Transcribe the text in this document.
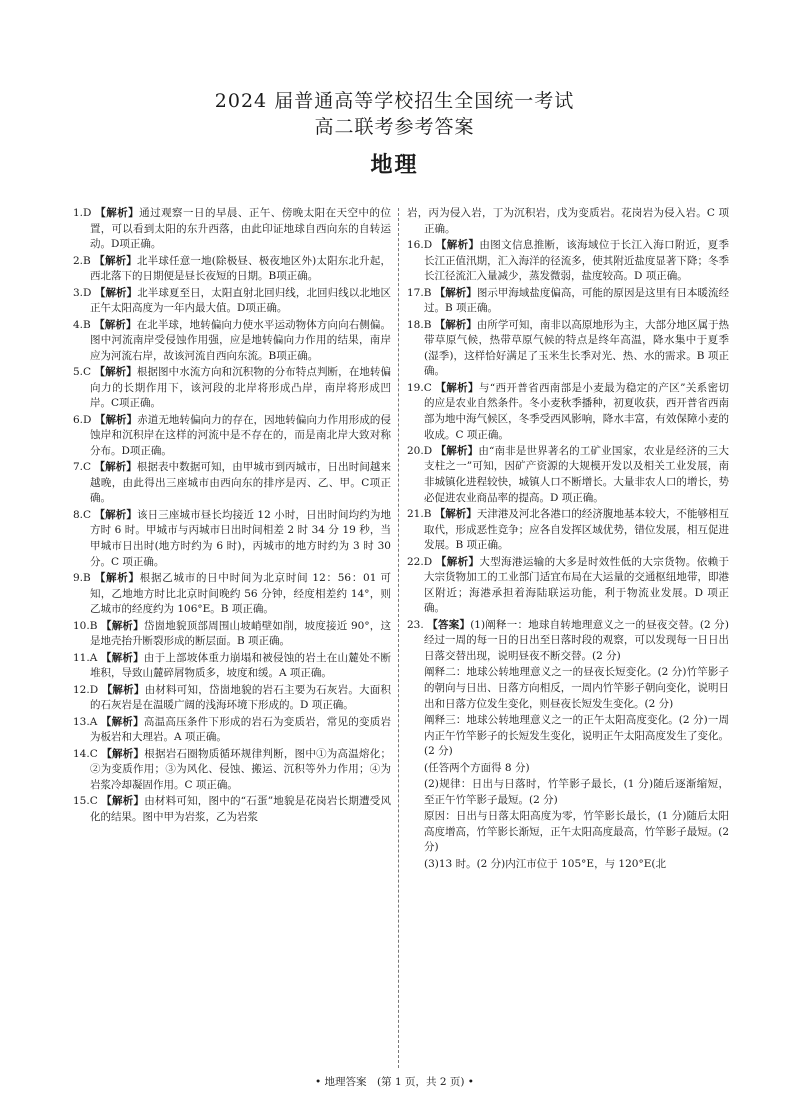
2024 届普通高等学校招生全国统一考试
高二联考参考答案
地理
1.D 【解析】通过观察一日的早晨、正午、傍晚太阳在天空中的位置，可以看到太阳的东升西落，由此印证地球自西向东的自转运动。D项正确。
2.B 【解析】北半球任意一地(除极昼、极夜地区外)太阳东北升起，西北落下的日期便是昼长夜短的日期。B项正确。
3.D 【解析】北半球夏至日，太阳直射北回归线，北回归线以北地区正午太阳高度为一年内最大值。D项正确。
4.B 【解析】在北半球，地转偏向力使水平运动物体方向向右侧偏。图中河流南岸受侵蚀作用强，应是地转偏向力作用的结果，南岸应为河流右岸，故该河流自西向东流。B项正确。
5.C 【解析】根据图中水流方向和沉积物的分布特点判断，在地转偏向力的长期作用下，该河段的北岸将形成凸岸，南岸将形成凹岸。C项正确。
6.D 【解析】赤道无地转偏向力的存在，因地转偏向力作用形成的侵蚀岸和沉积岸在这样的河流中是不存在的，而是南北岸大致对称分布。D项正确。
7.C 【解析】根据表中数据可知，由甲城市到丙城市，日出时间越来越晚，由此得出三座城市由西向东的排序是丙、乙、甲。C项正确。
8.C 【解析】该日三座城市昼长均接近 12 小时，日出时间均约为地方时 6 时。甲城市与丙城市日出时间相差 2 时 34 分 19 秒，当甲城市日出时(地方时约为 6 时)，丙城市的地方时约为 3 时 30 分。C 项正确。
9.B 【解析】根据乙城市的日中时间为北京时间 12：56：01 可知，乙地地方时比北京时间晚约 56 分钟，经度相差约 14°，则乙城市的经度约为 106°E。B 项正确。
10.B 【解析】岱崮地貌顶部周围山坡峭壁如削，坡度接近 90°，这是地壳抬升断裂形成的断层面。B 项正确。
11.A 【解析】由于上部坡体重力崩塌和被侵蚀的岩土在山麓处不断堆积，导致山麓碎屑物质多，坡度和缓。A 项正确。
12.D 【解析】由材料可知，岱崮地貌的岩石主要为石灰岩。大面积的石灰岩是在温暖广阔的浅海环境下形成的。D 项正确。
13.A 【解析】高温高压条件下形成的岩石为变质岩，常见的变质岩为板岩和大理岩。A 项正确。
14.C 【解析】根据岩石圈物质循环规律判断，图中①为高温熔化；②为变质作用；③为风化、侵蚀、搬运、沉积等外力作用；④为岩浆冷却凝固作用。C 项正确。
15.C 【解析】由材料可知，图中的“石蛋”地貌是花岗岩长期遭受风化的结果。图中甲为岩浆，乙为岩浆
岩，丙为侵入岩，丁为沉积岩，戊为变质岩。花岗岩为侵入岩。C 项正确。
16.D 【解析】由图文信息推断，该海域位于长江入海口附近，夏季长江正值汛期，汇入海洋的径流多，使其附近盐度显著下降；冬季长江径流汇入量减少，蒸发微弱，盐度较高。D 项正确。
17.B 【解析】图示甲海域盐度偏高，可能的原因是这里有日本暖流经过。B 项正确。
18.B 【解析】由所学可知，南非以高原地形为主，大部分地区属于热带草原气候，热带草原气候的特点是终年高温，降水集中于夏季(湿季)，这样恰好满足了玉米生长季对光、热、水的需求。B 项正确。
19.C 【解析】与“西开普省西南部是小麦最为稳定的产区”关系密切的应是农业自然条件。冬小麦秋季播种，初夏收获，西开普省西南部为地中海气候区，冬季受西风影响，降水丰富，有效保障小麦的收成。C 项正确。
20.D 【解析】由“南非是世界著名的工矿业国家，农业是经济的三大支柱之一”可知，因矿产资源的大规模开发以及相关工业发展，南非城镇化进程较快，城镇人口不断增长。大量非农人口的增长，势必促进农业商品率的提高。D 项正确。
21.B 【解析】天津港及河北各港口的经济腹地基本较大，不能够相互取代，形成恶性竞争；应各自发挥区域优势，错位发展，相互促进发展。B 项正确。
22.D 【解析】大型海港运输的大多是时效性低的大宗货物。依赖于大宗货物加工的工业部门适宜布局在大运量的交通枢纽地带，即港区附近；海港承担着海陆联运功能，利于物流业发展。D 项正确。
23. 【答案】(1)阐释一：地球自转地理意义之一的昼夜交替。(2 分)经过一周的每一日的日出至日落时段的观察，可以发现每一日日出日落交替出现，说明昼夜不断交替。(2 分)
阐释二：地球公转地理意义之一的昼夜长短变化。(2 分)竹竿影子的朝向与日出、日落方向相反，一周内竹竿影子朝向变化，说明日出和日落方位发生变化，则昼夜长短发生变化。(2 分)
阐释三：地球公转地理意义之一的正午太阳高度变化。(2 分)一周内正午竹竿影子的长短发生变化，说明正午太阳高度发生了变化。(2 分)
(任答两个方面得 8 分)
(2)规律：日出与日落时，竹竿影子最长，(1 分)随后逐渐缩短，至正午竹竿影子最短。(2 分)
原因：日出与日落太阳高度为零，竹竿影长最长，(1 分)随后太阳高度增高，竹竿影长渐短，正午太阳高度最高，竹竿影子最短。(2 分)
(3)13 时。(2 分)内江市位于 105°E，与 120°E(北
• 地理答案　(第 1 页，共 2 页) •
